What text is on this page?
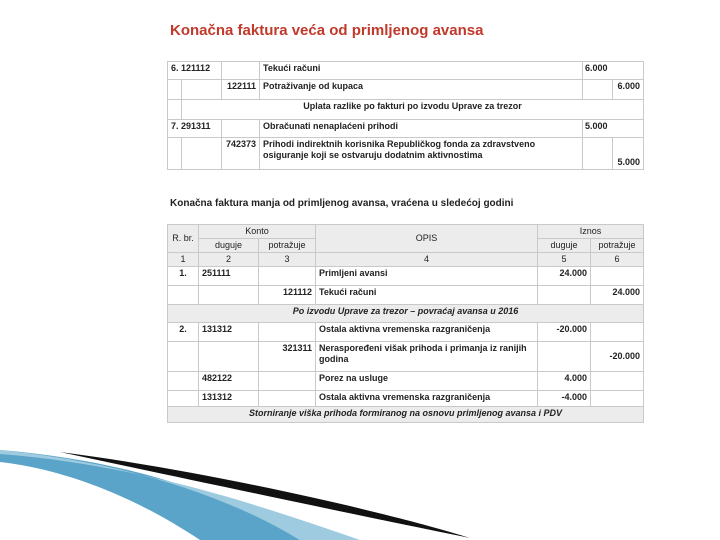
Konačna faktura veća od primljenog avansa
6. 121112			Tekući računi	6.000	
		122111	Potraživanje od kupaca		6.000
	Uplata razlike po fakturi po izvodu Uprave za trezor				
7. 291311			Obračunati nenaplaćeni prihodi	5.000	
		742373	Prihodi indirektnih korisnika Republičkog fonda za zdravstveno osiguranje koji se ostvaruju dodatnim aktivnostima		5.000
Konačna faktura manja od primljenog avansa, vraćena u sledećoj godini
R. br.	Konto		OPIS	Iznos	
	duguje	potražuje		duguje	potražuje
1	2	3	4	5	6
1.	251111		Primljeni avansi	24.000	
		121112	Tekući računi		24.000
Po izvodu Uprave za trezor – povraćaj avansa u 2016					
2.	131312		Ostala aktivna vremenska razgraničenja	-20.000	
		321311	Neraspoređeni višak prihoda i primanja iz ranijih godina		-20.000
	482122		Porez na usluge	4.000	
	131312		Ostala aktivna vremenska razgraničenja	-4.000	
Storniranje viška prihoda formiranog na osnovu primljenog avansa i PDV					
